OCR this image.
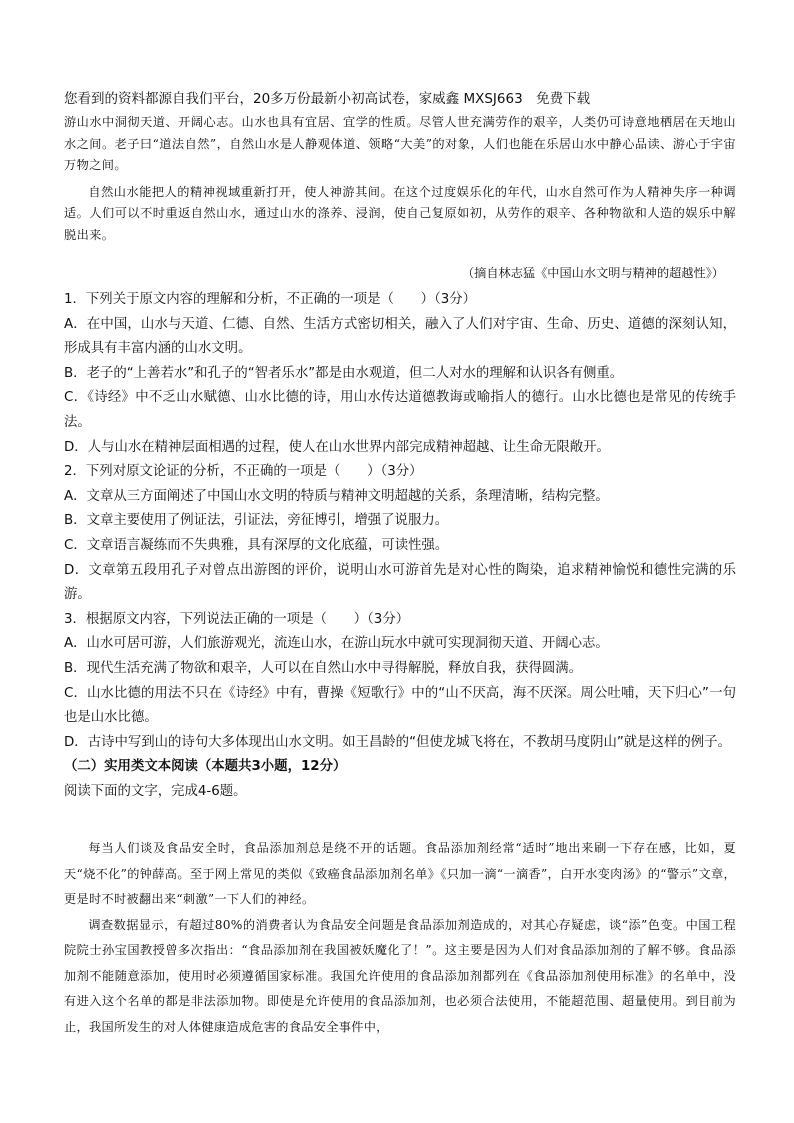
您看到的资料都源自我们平台，20多万份最新小初高试卷，家威鑫 MXSJ663　免费下载

游山水中洞彻天道、开阔心志。山水也具有宜居、宜学的性质。尽管人世充满劳作的艰辛，人类仍可诗意地栖居在天地山水之间。老子曰“道法自然”，自然山水是人静观体道、领略“大美”的对象，人们也能在乐居山水中静心品读、游心于宇宙万物之间。

自然山水能把人的精神视域重新打开，使人神游其间。在这个过度娱乐化的年代，山水自然可作为人精神失序一种调适。人们可以不时重返自然山水，通过山水的涤养、浸润，使自己复原如初，从劳作的艰辛、各种物欲和人造的娱乐中解脱出来。

（摘自林志猛《中国山水文明与精神的超越性》）

1．下列关于原文内容的理解和分析，不正确的一项是（　　）（3分）

A．在中国，山水与天道、仁德、自然、生活方式密切相关，融入了人们对宇宙、生命、历史、道德的深刻认知，形成具有丰富内涵的山水文明。

B．老子的“上善若水”和孔子的“智者乐水”都是由水观道，但二人对水的理解和认识各有侧重。

C．《诗经》中不乏山水赋德、山水比德的诗，用山水传达道德教诲或喻指人的德行。山水比德也是常见的传统手法。

D．人与山水在精神层面相遇的过程，使人在山水世界内部完成精神超越、让生命无限敞开。

2．下列对原文论证的分析，不正确的一项是（　　）（3分）

A．文章从三方面阐述了中国山水文明的特质与精神文明超越的关系，条理清晰，结构完整。

B．文章主要使用了例证法，引证法，旁征博引，增强了说服力。

C．文章语言凝练而不失典雅，具有深厚的文化底蕴，可读性强。

D．文章第五段用孔子对曾点出游图的评价，说明山水可游首先是对心性的陶染，追求精神愉悦和德性完满的乐游。

3．根据原文内容，下列说法正确的一项是（　　）（3分）

A．山水可居可游，人们旅游观光，流连山水，在游山玩水中就可实现洞彻天道、开阔心志。

B．现代生活充满了物欲和艰辛，人可以在自然山水中寻得解脱，释放自我，获得圆满。

C．山水比德的用法不只在《诗经》中有，曹操《短歌行》中的“山不厌高，海不厌深。周公吐哺，天下归心”一句也是山水比德。

D．古诗中写到山的诗句大多体现出山水文明。如王昌龄的“但使龙城飞将在，不教胡马度阴山”就是这样的例子。

（二）实用类文本阅读（本题共3小题，12分）

阅读下面的文字，完成4-6题。

每当人们谈及食品安全时，食品添加剂总是绕不开的话题。食品添加剂经常“适时”地出来刷一下存在感，比如，夏天“烧不化”的钟薛高。至于网上常见的类似《致癌食品添加剂名单》《只加一滴“一滴香”，白开水变肉汤》的“警示”文章，更是时不时被翻出来“刺激”一下人们的神经。

调查数据显示，有超过80%的消费者认为食品安全问题是食品添加剂造成的，对其心存疑虑，谈“添”色变。中国工程院院士孙宝国教授曾多次指出：“食品添加剂在我国被妖魔化了！”。这主要是因为人们对食品添加剂的了解不够。食品添加剂不能随意添加，使用时必须遵循国家标准。我国允许使用的食品添加剂都列在《食品添加剂使用标准》的名单中，没有进入这个名单的都是非法添加物。即使是允许使用的食品添加剂，也必须合法使用，不能超范围、超量使用。到目前为止，我国所发生的对人体健康造成危害的食品安全事件中，
